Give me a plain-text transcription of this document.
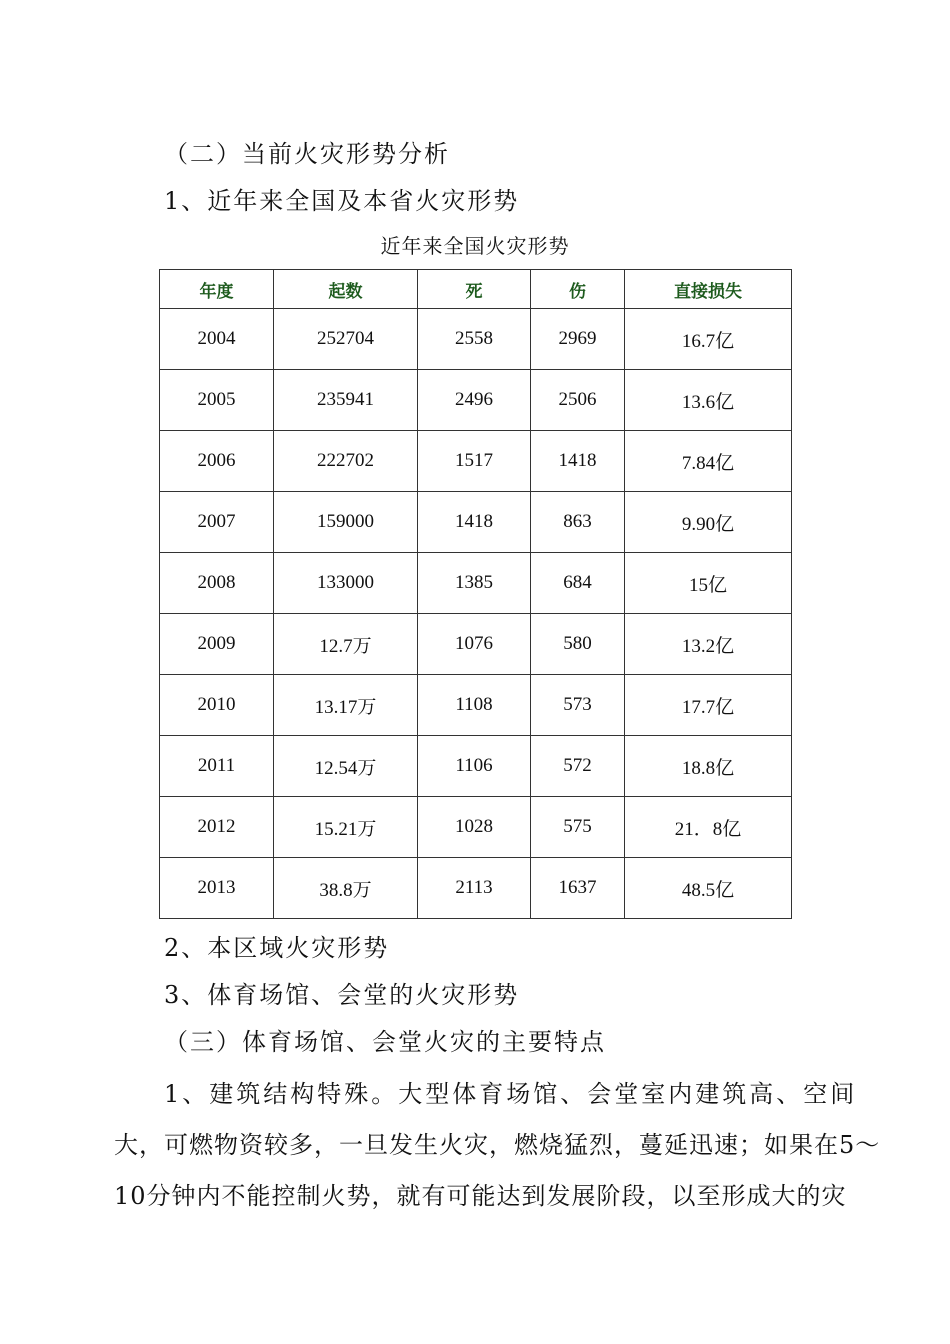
（二）当前火灾形势分析
1、近年来全国及本省火灾形势
近年来全国火灾形势
年度	起数	死	伤	直接损失
2004	252704	2558	2969	16.7亿
2005	235941	2496	2506	13.6亿
2006	222702	1517	1418	7.84亿
2007	159000	1418	863	9.90亿
2008	133000	1385	684	15亿
2009	12.7万	1076	580	13.2亿
2010	13.17万	1108	573	17.7亿
2011	12.54万	1106	572	18.8亿
2012	15.21万	1028	575	21．8亿
2013	38.8万	2113	1637	48.5亿
2、本区域火灾形势
3、体育场馆、会堂的火灾形势
（三）体育场馆、会堂火灾的主要特点
1、建筑结构特殊。大型体育场馆、会堂室内建筑高、空间
大，可燃物资较多，一旦发生火灾，燃烧猛烈，蔓延迅速；如果在5～
10分钟内不能控制火势，就有可能达到发展阶段，以至形成大的灾
